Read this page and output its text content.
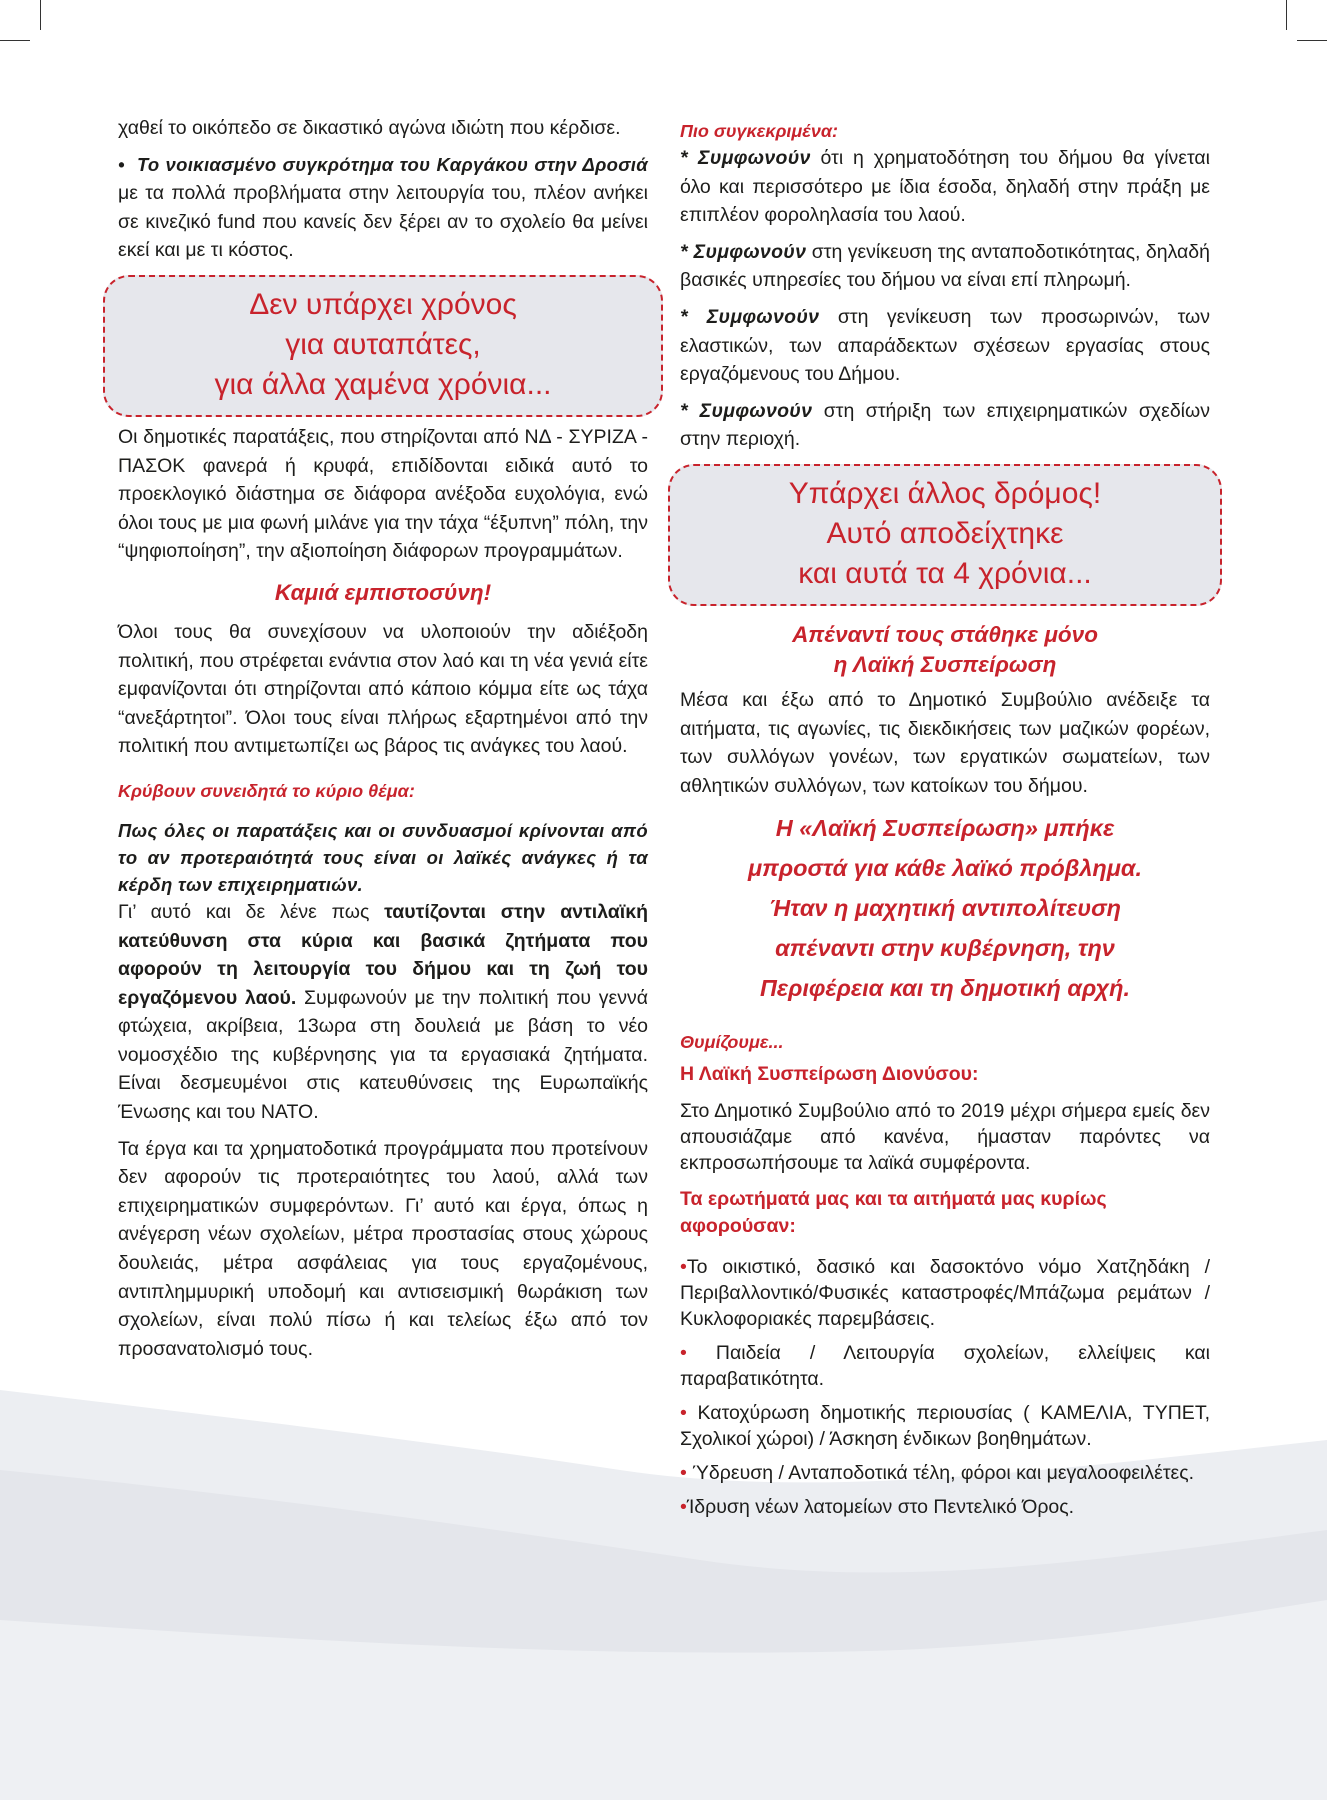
χαθεί το οικόπεδο σε δικαστικό αγώνα ιδιώτη που κέρδισε.

•  Το νοικιασμένο συγκρότημα του Καργάκου στην Δροσιά με τα πολλά προβλήματα στην λειτουργία του, πλέον ανήκει σε κινεζικό fund που κανείς δεν ξέρει αν το σχολείο θα μείνει εκεί και με τι κόστος.

Δεν υπάρχει χρόνος
για αυταπάτες,
για άλλα χαμένα χρόνια...

Οι δημοτικές παρατάξεις, που στηρίζονται από ΝΔ - ΣΥΡΙΖΑ - ΠΑΣΟΚ φανερά ή κρυφά, επιδίδονται ειδικά αυτό το προεκλογικό διάστημα σε διάφορα ανέξοδα ευχολόγια, ενώ όλοι τους με μια φωνή μιλάνε για την τάχα “έξυπνη” πόλη, την “ψηφιοποίηση”, την αξιοποίηση διάφορων προγραμμάτων.

Καμιά εμπιστοσύνη!

Όλοι τους θα συνεχίσουν να υλοποιούν την αδιέξοδη πολιτική, που στρέφεται ενάντια στον λαό και τη νέα γενιά είτε εμφανίζονται ότι στηρίζονται από κάποιο κόμμα είτε ως τάχα “ανεξάρτητοι”. Όλοι τους είναι πλήρως εξαρτημένοι από την πολιτική που αντιμετωπίζει ως βάρος τις ανάγκες του λαού.

Κρύβουν συνειδητά το κύριο θέμα:
Πως όλες οι παρατάξεις και οι συνδυασμοί κρίνονται από το αν προτεραιότητά τους είναι οι λαϊκές ανάγκες ή τα κέρδη των επιχειρηματιών.

Γι’ αυτό και δε λένε πως ταυτίζονται στην αντιλαϊκή κατεύθυνση στα κύρια και βασικά ζητήματα που αφορούν τη λειτουργία του δήμου και τη ζωή του εργαζόμενου λαού. Συμφωνούν με την πολιτική που γεννά φτώχεια, ακρίβεια, 13ωρα στη δουλειά με βάση το νέο νομοσχέδιο της κυβέρνησης για τα εργασιακά ζητήματα. Είναι δεσμευμένοι στις κατευθύνσεις της Ευρωπαϊκής Ένωσης και του ΝΑΤΟ.

Τα έργα και τα χρηματοδοτικά προγράμματα που προτείνουν δεν αφορούν τις προτεραιότητες του λαού, αλλά των επιχειρηματικών συμφερόντων. Γι’ αυτό και έργα, όπως η ανέγερση νέων σχολείων, μέτρα προστασίας στους χώρους δουλειάς, μέτρα ασφάλειας για τους εργαζομένους, αντιπλημμυρική υποδομή και αντισεισμική θωράκιση των σχολείων, είναι πολύ πίσω ή και τελείως έξω από τον προσανατολισμό τους.

Πιο συγκεκριμένα:

* Συμφωνούν ότι η χρηματοδότηση του δήμου θα γίνεται όλο και περισσότερο με ίδια έσοδα, δηλαδή στην πράξη με επιπλέον φοροληλασία του λαού.

* Συμφωνούν στη γενίκευση της ανταποδοτικότητας, δηλαδή βασικές υπηρεσίες του δήμου να είναι επί πληρωμή.

* Συμφωνούν στη γενίκευση των προσωρινών, των ελαστικών, των απαράδεκτων σχέσεων εργασίας στους εργαζόμενους του Δήμου.

* Συμφωνούν στη στήριξη των επιχειρηματικών σχεδίων στην περιοχή.

Υπάρχει άλλος δρόμος!
Αυτό αποδείχτηκε
και αυτά τα 4 χρόνια...
Απέναντί τους στάθηκε μόνο
η Λαϊκή Συσπείρωση

Μέσα και έξω από το Δημοτικό Συμβούλιο ανέδειξε τα αιτήματα, τις αγωνίες, τις διεκδικήσεις των μαζικών φορέων, των συλλόγων γονέων, των εργατικών σωματείων, των αθλητικών συλλόγων, των κατοίκων του δήμου.

Η «Λαϊκή Συσπείρωση» μπήκε
μπροστά για κάθε λαϊκό πρόβλημα.
Ήταν η μαχητική αντιπολίτευση
απέναντι στην κυβέρνηση, την
Περιφέρεια και τη δημοτική αρχή.
Θυμίζουμε...
Η Λαϊκή Συσπείρωση Διονύσου:

Στο Δημοτικό Συμβούλιο από το 2019 μέχρι σήμερα εμείς δεν απουσιάζαμε από κανένα, ήμασταν παρόντες να εκπροσωπήσουμε τα λαϊκά συμφέροντα.

Τα ερωτήματά μας και τα αιτήματά μας κυρίως αφορούσαν:

•Το οικιστικό, δασικό και δασοκτόνο νόμο Χατζηδάκη /Περιβαλλοντικό/Φυσικές καταστροφές/Μπάζωμα ρεμάτων / Κυκλοφοριακές παρεμβάσεις.

• Παιδεία / Λειτουργία σχολείων, ελλείψεις και παραβατικότητα.

• Κατοχύρωση δημοτικής περιουσίας ( ΚΑΜΕΛΙΑ, ΤΥΠΕΤ, Σχολικοί χώροι) / Άσκηση ένδικων βοηθημάτων.

• Ύδρευση / Ανταποδοτικά τέλη, φόροι και μεγαλοοφειλέτες.

•Ίδρυση νέων λατομείων στο Πεντελικό Όρος.
